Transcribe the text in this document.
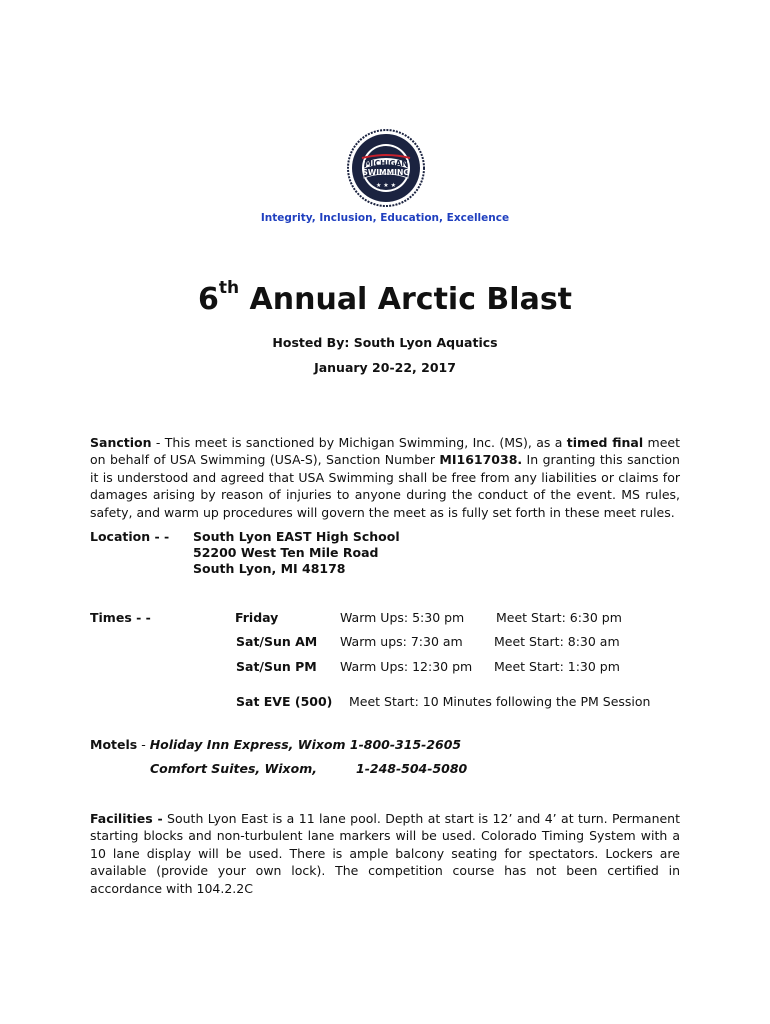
MICHIGAN
SWIMMING
★ ★ ★
Integrity, Inclusion, Education, Excellence
6th Annual Arctic Blast
Hosted By: South Lyon Aquatics
January 20-22, 2017
Sanction - This meet is sanctioned by Michigan Swimming, Inc. (MS), as a timed final meet on behalf of USA Swimming (USA-S), Sanction Number MI1617038. In granting this sanction it is understood and agreed that USA Swimming shall be free from any liabilities or claims for damages arising by reason of injuries to anyone during the conduct of the event. MS rules, safety, and warm up procedures will govern the meet as is fully set forth in these meet rules.
Location - - South Lyon EAST High School
52200 West Ten Mile Road
South Lyon, MI 48178
Times - -	Friday	Warm Ups: 5:30 pm	Meet Start: 6:30 pm
Sat/Sun AM Warm ups: 7:30 am	Meet Start: 8:30 am
Sat/Sun PM Warm Ups: 12:30 pm Meet Start: 1:30 pm
Sat EVE (500) Meet Start: 10 Minutes following the PM Session
Motels - Holiday Inn Express, Wixom 1-800-315-2605
Comfort Suites, Wixom,	1-248-504-5080
Facilities - South Lyon East is a 11 lane pool. Depth at start is 12’ and 4’ at turn. Permanent starting blocks and non-turbulent lane markers will be used. Colorado Timing System with a 10 lane display will be used. There is ample balcony seating for spectators. Lockers are available (provide your own lock). The competition course has not been certified in accordance with 104.2.2C
